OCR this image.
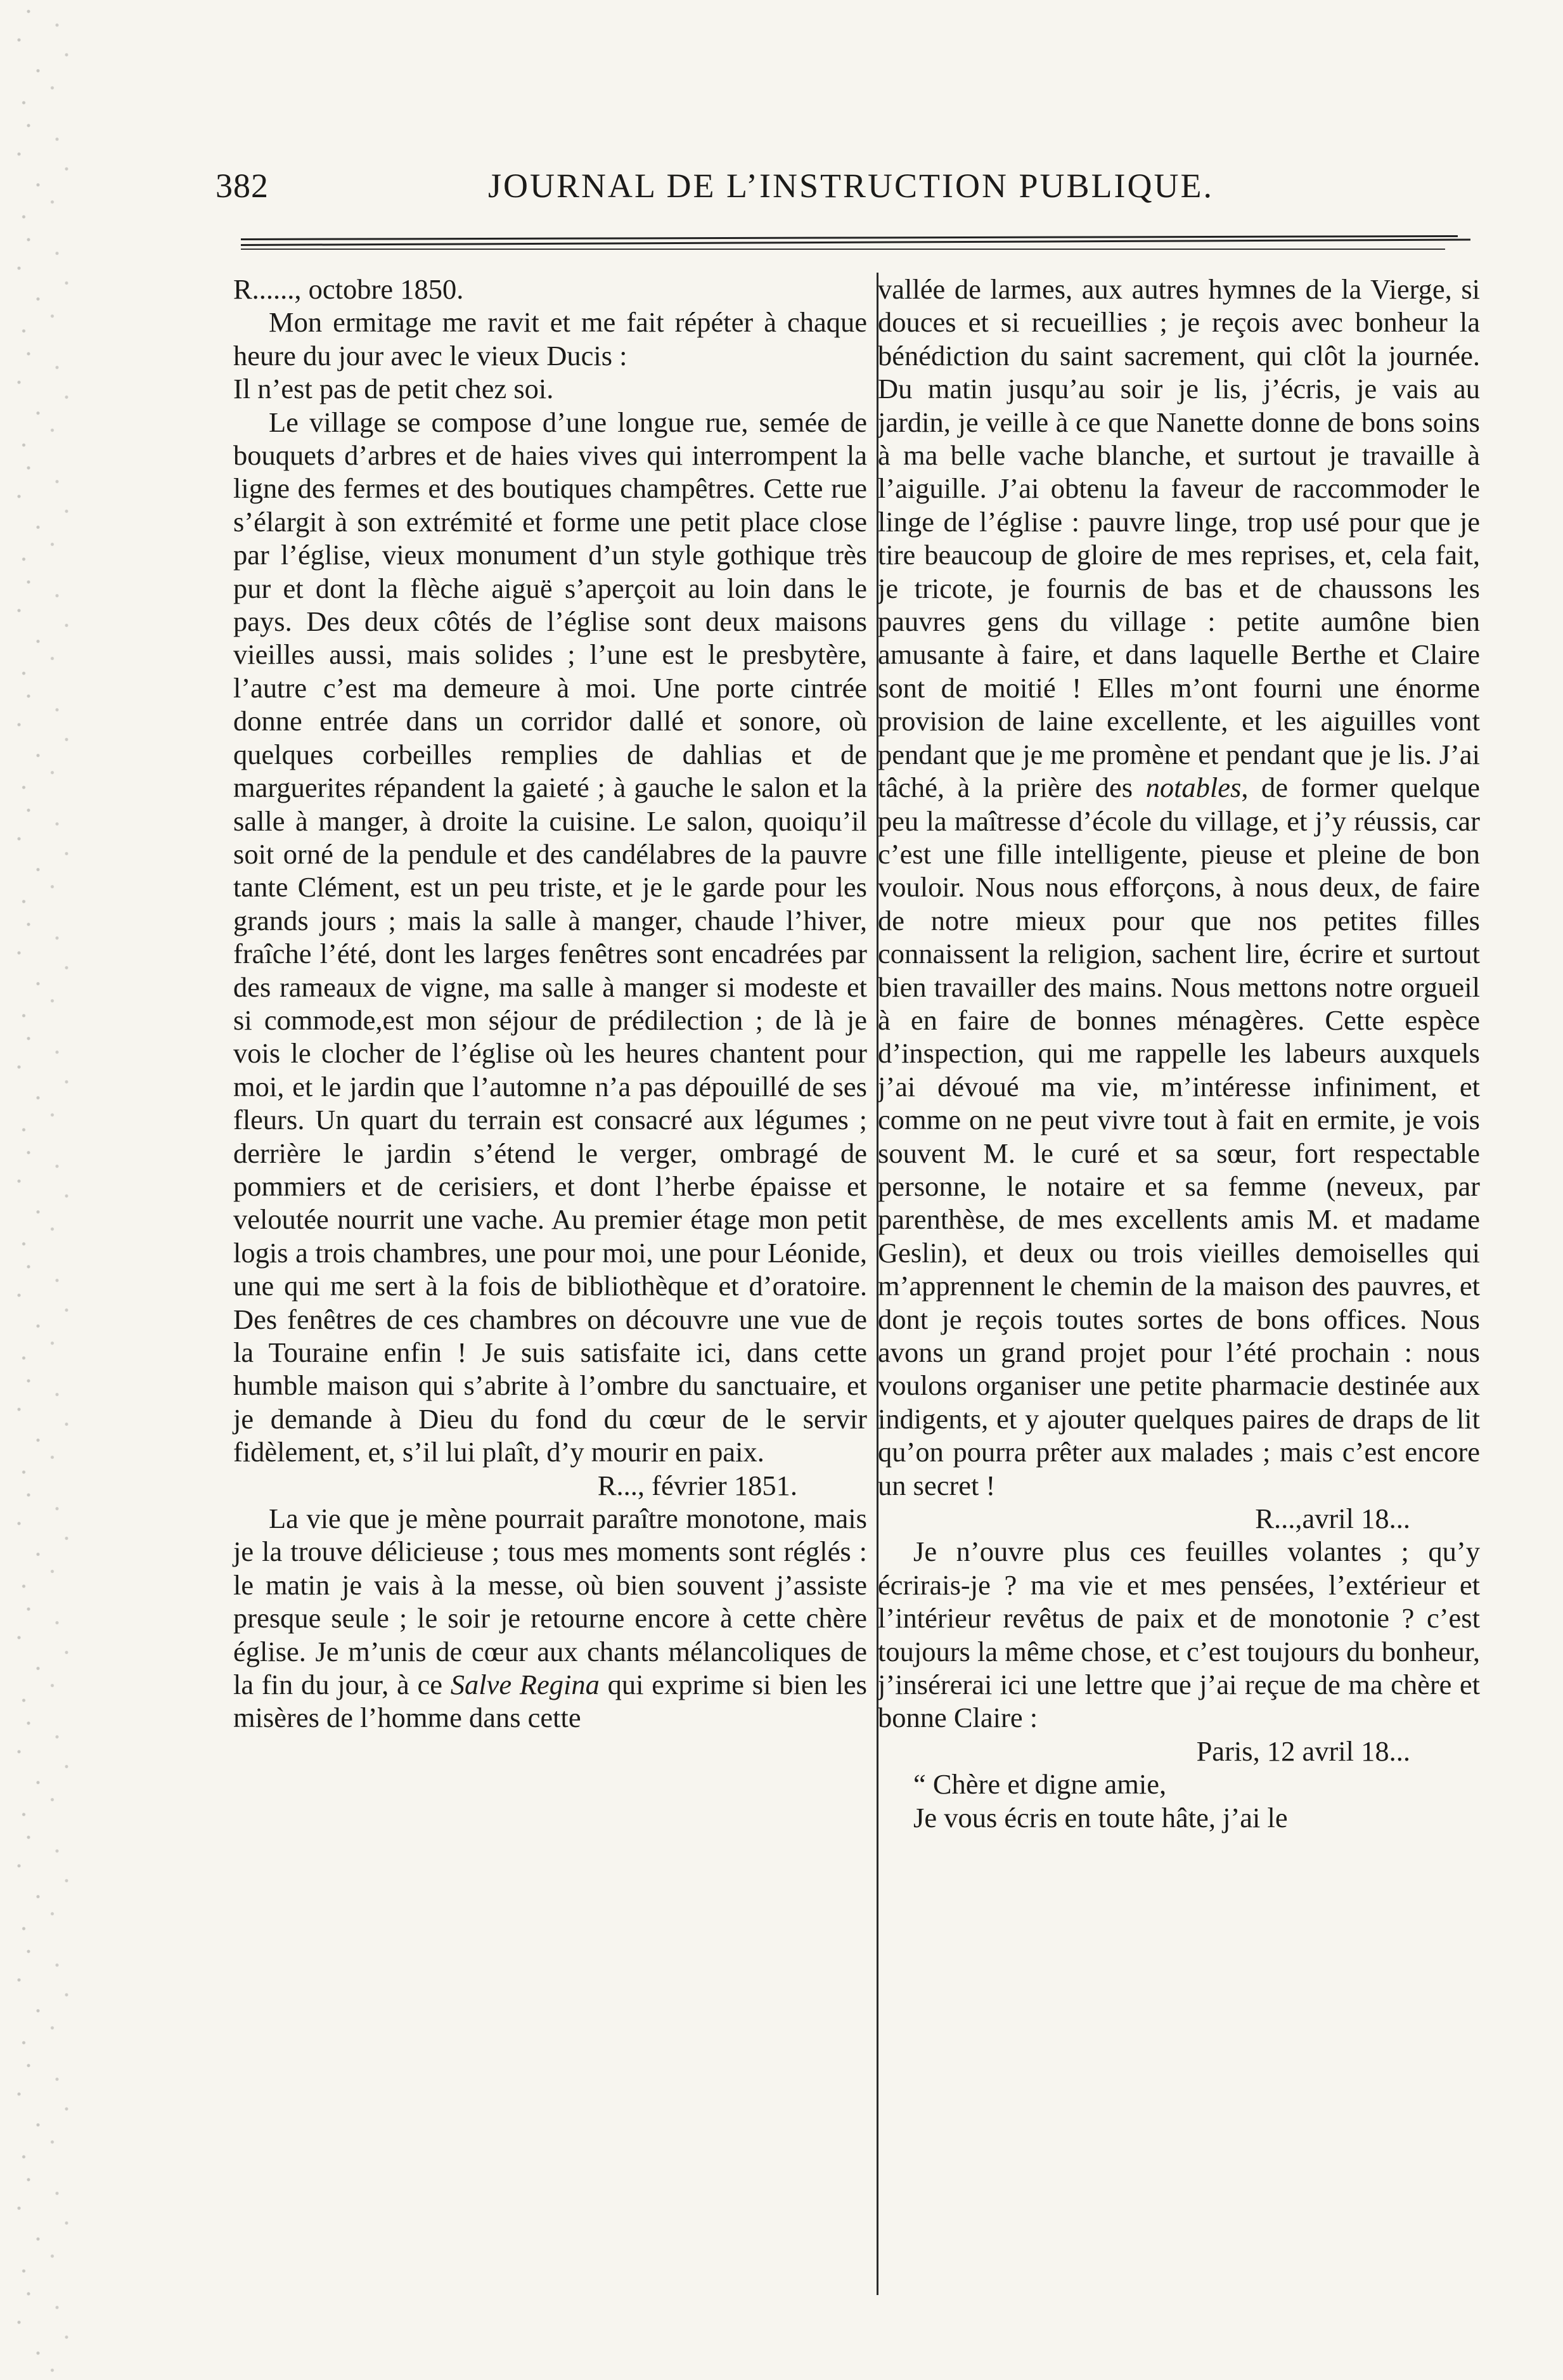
382	JOURNAL DE L’INSTRUCTION PUBLIQUE.

R......, octobre 1850.

Mon ermitage me ravit et me fait répéter à chaque heure du jour avec le vieux Ducis :

Il n’est pas de petit chez soi.

Le village se compose d’une longue rue, semée de bouquets d’arbres et de haies vives qui interrompent la ligne des fermes et des boutiques champêtres. Cette rue s’élargit à son extrémité et forme une petit place close par l’église, vieux monument d’un style gothique très pur et dont la flèche aiguë s’aperçoit au loin dans le pays. Des deux côtés de l’église sont deux maisons vieilles aussi, mais solides ; l’une est le presbytère, l’autre c’est ma demeure à moi. Une porte cintrée donne entrée dans un corridor dallé et sonore, où quelques corbeilles remplies de dahlias et de marguerites répandent la gaieté ; à gauche le salon et la salle à manger, à droite la cuisine. Le salon, quoiqu’il soit orné de la pendule et des candélabres de la pauvre tante Clément, est un peu triste, et je le garde pour les grands jours ; mais la salle à manger, chaude l’hiver, fraîche l’été, dont les larges fenêtres sont encadrées par des rameaux de vigne, ma salle à manger si modeste et si commode,est mon séjour de prédilection ; de là je vois le clocher de l’église où les heures chantent pour moi, et le jardin que l’automne n’a pas dépouillé de ses fleurs. Un quart du terrain est consacré aux légumes ; derrière le jardin s’étend le verger, ombragé de pommiers et de cerisiers, et dont l’herbe épaisse et veloutée nourrit une vache. Au premier étage mon petit logis a trois chambres, une pour moi, une pour Léonide, une qui me sert à la fois de bibliothèque et d’oratoire. Des fenêtres de ces chambres on découvre une vue de la Touraine enfin ! Je suis satisfaite ici, dans cette humble maison qui s’abrite à l’ombre du sanctuaire, et je demande à Dieu du fond du cœur de le servir fidèlement, et, s’il lui plaît, d’y mourir en paix.

R..., février 1851.

La vie que je mène pourrait paraître monotone, mais je la trouve délicieuse ; tous mes moments sont réglés : le matin je vais à la messe, où bien souvent j’assiste presque seule ; le soir je retourne encore à cette chère église. Je m’unis de cœur aux chants mélancoliques de la fin du jour, à ce Salve Regina qui exprime si bien les misères de l’homme dans cette

vallée de larmes, aux autres hymnes de la Vierge, si douces et si recueillies ; je reçois avec bonheur la bénédiction du saint sacrement, qui clôt la journée. Du matin jusqu’au soir je lis, j’écris, je vais au jardin, je veille à ce que Nanette donne de bons soins à ma belle vache blanche, et surtout je travaille à l’aiguille. J’ai obtenu la faveur de raccommoder le linge de l’église : pauvre linge, trop usé pour que je tire beaucoup de gloire de mes reprises, et, cela fait, je tricote, je fournis de bas et de chaussons les pauvres gens du village : petite aumône bien amusante à faire, et dans laquelle Berthe et Claire sont de moitié ! Elles m’ont fourni une énorme provision de laine excellente, et les aiguilles vont pendant que je me promène et pendant que je lis. J’ai tâché, à la prière des notables, de former quelque peu la maîtresse d’école du village, et j’y réussis, car c’est une fille intelligente, pieuse et pleine de bon vouloir. Nous nous efforçons, à nous deux, de faire de notre mieux pour que nos petites filles connaissent la religion, sachent lire, écrire et surtout bien travailler des mains. Nous mettons notre orgueil à en faire de bonnes ménagères. Cette espèce d’inspection, qui me rappelle les labeurs auxquels j’ai dévoué ma vie, m’intéresse infiniment, et comme on ne peut vivre tout à fait en ermite, je vois souvent M. le curé et sa sœur, fort respectable personne, le notaire et sa femme (neveux, par parenthèse, de mes excellents amis M. et madame Geslin), et deux ou trois vieilles demoiselles qui m’apprennent le chemin de la maison des pauvres, et dont je reçois toutes sortes de bons offices. Nous avons un grand projet pour l’été prochain : nous voulons organiser une petite pharmacie destinée aux indigents, et y ajouter quelques paires de draps de lit qu’on pourra prêter aux malades ; mais c’est encore un secret !

R...,avril 18...

Je n’ouvre plus ces feuilles volantes ; qu’y écrirais-je ? ma vie et mes pensées, l’extérieur et l’intérieur revêtus de paix et de monotonie ? c’est toujours la même chose, et c’est toujours du bonheur, j’insérerai ici une lettre que j’ai reçue de ma chère et bonne Claire :

Paris, 12 avril 18...

“ Chère et digne amie,

Je vous écris en toute hâte, j’ai le
